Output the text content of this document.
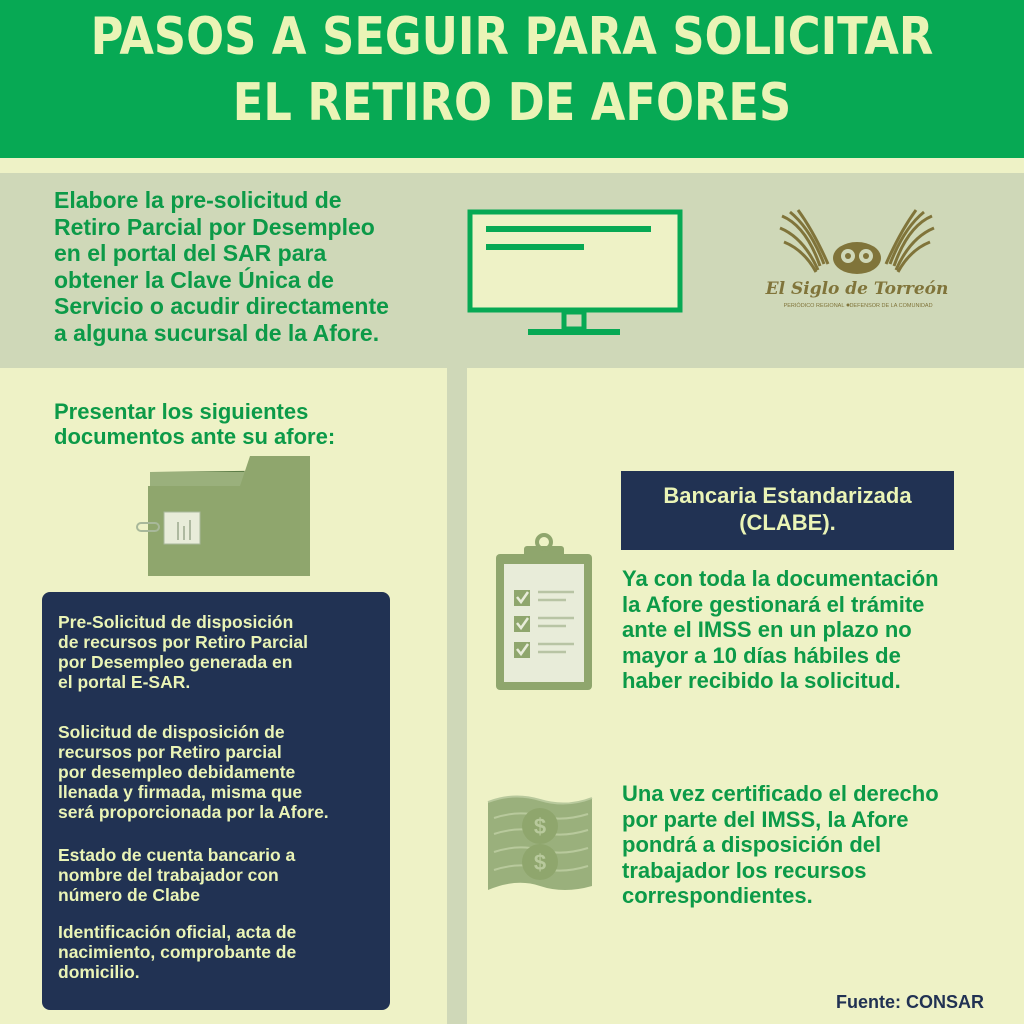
PASOS A SEGUIR PARA SOLICITAR
EL RETIRO DE AFORES
Elabore la pre-solicitud de
Retiro Parcial por Desempleo
en el portal del SAR para
obtener la Clave Única de
Servicio o acudir directamente
a alguna sucursal de la Afore.
El Siglo de Torreón
PERIÓDICO REGIONAL DEFENSOR DE LA COMUNIDAD
Presentar los siguientes
documentos ante su afore:
Pre-Solicitud de disposición
de recursos por Retiro Parcial
por Desempleo generada en
el portal E-SAR.
Solicitud de disposición de
recursos por Retiro parcial
por desempleo debidamente
llenada y firmada, misma que
será proporcionada por la Afore.
Estado de cuenta bancario a
nombre del trabajador con
número de Clabe
Identificación oficial, acta de
nacimiento, comprobante de
domicilio.
Bancaria Estandarizada
(CLABE).
Ya con toda la documentación
la Afore gestionará el trámite
ante el IMSS en un plazo no
mayor a 10 días hábiles de
haber recibido la solicitud.
$
$
Una vez certificado el derecho
por parte del IMSS, la Afore
pondrá a disposición del
trabajador los recursos
correspondientes.
Fuente: CONSAR
